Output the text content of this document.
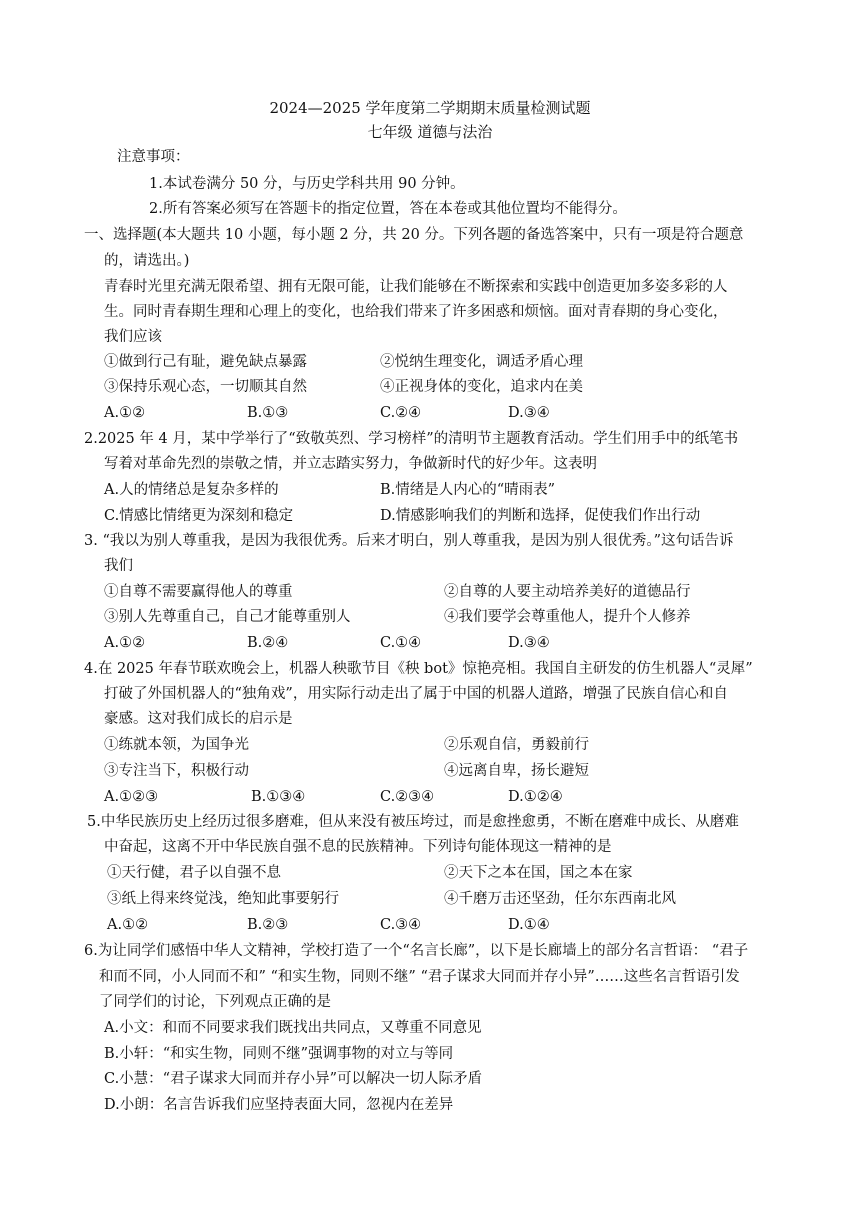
2024—2025 学年度第二学期期末质量检测试题
七年级 道德与法治
注意事项：
1.本试卷满分 50 分，与历史学科共用 90 分钟。
2.所有答案必须写在答题卡的指定位置，答在本卷或其他位置均不能得分。
一、选择题(本大题共 10 小题，每小题 2 分，共 20 分。下列各题的备选答案中，只有一项是符合题意
的，请选出。)
青春时光里充满无限希望、拥有无限可能，让我们能够在不断探索和实践中创造更加多姿多彩的人
生。同时青春期生理和心理上的变化，也给我们带来了许多困惑和烦恼。面对青春期的身心变化，
我们应该
①做到行己有耻，避免缺点暴露	②悦纳生理变化，调适矛盾心理
③保持乐观心态，一切顺其自然	④正视身体的变化，追求内在美
A.①②	B.①③	C.②④	D.③④
2.2025 年 4 月，某中学举行了“致敬英烈、学习榜样”的清明节主题教育活动。学生们用手中的纸笔书
写着对革命先烈的崇敬之情，并立志踏实努力，争做新时代的好少年。这表明
A.人的情绪总是复杂多样的	B.情绪是人内心的“晴雨表”
C.情感比情绪更为深刻和稳定	D.情感影响我们的判断和选择，促使我们作出行动
3. “我以为别人尊重我，是因为我很优秀。后来才明白，别人尊重我，是因为别人很优秀。”这句话告诉
我们
①自尊不需要赢得他人的尊重	②自尊的人要主动培养美好的道德品行
③别人先尊重自己，自己才能尊重别人	④我们要学会尊重他人，提升个人修养
A.①②	B.②④	C.①④	D.③④
4.在 2025 年春节联欢晚会上，机器人秧歌节目《秧 bot》惊艳亮相。我国自主研发的仿生机器人“灵犀”
打破了外国机器人的“独角戏”，用实际行动走出了属于中国的机器人道路，增强了民族自信心和自
豪感。这对我们成长的启示是
①练就本领，为国争光	②乐观自信，勇毅前行
③专注当下，积极行动	④远离自卑，扬长避短
A.①②③	B.①③④	C.②③④	D.①②④
5.中华民族历史上经历过很多磨难，但从来没有被压垮过，而是愈挫愈勇，不断在磨难中成长、从磨难
中奋起，这离不开中华民族自强不息的民族精神。下列诗句能体现这一精神的是
①天行健，君子以自强不息	②天下之本在国，国之本在家
③纸上得来终觉浅，绝知此事要躬行	④千磨万击还坚劲，任尔东西南北风
A.①②	B.②③	C.③④	D.①④
6.为让同学们感悟中华人文精神，学校打造了一个“名言长廊”，以下是长廊墙上的部分名言哲语： “君子
和而不同，小人同而不和” “和实生物，同则不继” “君子谋求大同而并存小异”……这些名言哲语引发
了同学们的讨论，下列观点正确的是
A.小文：和而不同要求我们既找出共同点，又尊重不同意见
B.小轩：“和实生物，同则不继”强调事物的对立与等同
C.小慧：“君子谋求大同而并存小异”可以解决一切人际矛盾
D.小朗：名言告诉我们应坚持表面大同，忽视内在差异
